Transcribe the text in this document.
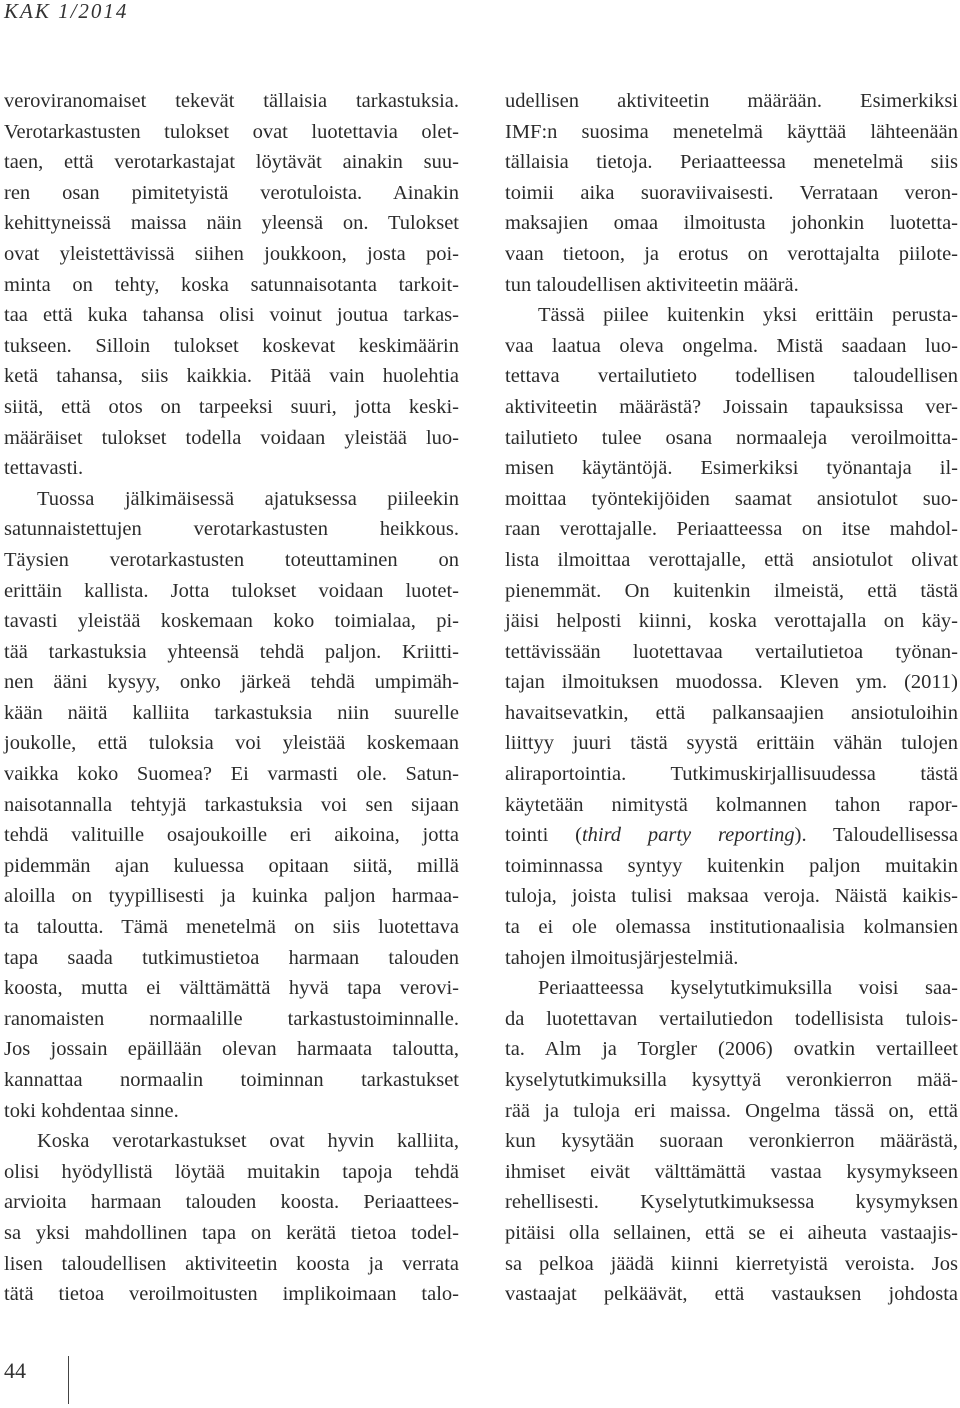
KAK 1/2014
veroviranomaiset tekevät tällaisia tarkastuksia.
Verotarkastusten tulokset ovat luotettavia olet-
taen, että verotarkastajat löytävät ainakin suu-
ren osan pimitetyistä verotuloista. Ainakin
kehittyneissä maissa näin yleensä on. Tulokset
ovat yleistettävissä siihen joukkoon, josta poi-
minta on tehty, koska satunnaisotanta tarkoit-
taa että kuka tahansa olisi voinut joutua tarkas-
tukseen. Silloin tulokset koskevat keskimäärin
ketä tahansa, siis kaikkia. Pitää vain huolehtia
siitä, että otos on tarpeeksi suuri, jotta keski-
määräiset tulokset todella voidaan yleistää luo-
tettavasti.
Tuossa jälkimäisessä ajatuksessa piileekin
satunnaistettujen verotarkastusten heikkous.
Täysien verotarkastusten toteuttaminen on
erittäin kallista. Jotta tulokset voidaan luotet-
tavasti yleistää koskemaan koko toimialaa, pi-
tää tarkastuksia yhteensä tehdä paljon. Kriitti-
nen ääni kysyy, onko järkeä tehdä umpimäh-
kään näitä kalliita tarkastuksia niin suurelle
joukolle, että tuloksia voi yleistää koskemaan
vaikka koko Suomea? Ei varmasti ole. Satun-
naisotannalla tehtyjä tarkastuksia voi sen sijaan
tehdä valituille osajoukoille eri aikoina, jotta
pidemmän ajan kuluessa opitaan siitä, millä
aloilla on tyypillisesti ja kuinka paljon harmaa-
ta taloutta. Tämä menetelmä on siis luotettava
tapa saada tutkimustietoa harmaan talouden
koosta, mutta ei välttämättä hyvä tapa verovi-
ranomaisten normaalille tarkastustoiminnalle.
Jos jossain epäillään olevan harmaata taloutta,
kannattaa normaalin toiminnan tarkastukset
toki kohdentaa sinne.
Koska verotarkastukset ovat hyvin kalliita,
olisi hyödyllistä löytää muitakin tapoja tehdä
arvioita harmaan talouden koosta. Periaattees-
sa yksi mahdollinen tapa on kerätä tietoa todel-
lisen taloudellisen aktiviteetin koosta ja verrata
tätä tietoa veroilmoitusten implikoimaan talo-
udellisen aktiviteetin määrään. Esimerkiksi
IMF:n suosima menetelmä käyttää lähteenään
tällaisia tietoja. Periaatteessa menetelmä siis
toimii aika suoraviivaisesti. Verrataan veron-
maksajien omaa ilmoitusta johonkin luotetta-
vaan tietoon, ja erotus on verottajalta piilote-
tun taloudellisen aktiviteetin määrä.
Tässä piilee kuitenkin yksi erittäin perusta-
vaa laatua oleva ongelma. Mistä saadaan luo-
tettava vertailutieto todellisen taloudellisen
aktiviteetin määrästä? Joissain tapauksissa ver-
tailutieto tulee osana normaaleja veroilmoitta-
misen käytäntöjä. Esimerkiksi työnantaja il-
moittaa työntekijöiden saamat ansiotulot suo-
raan verottajalle. Periaatteessa on itse mahdol-
lista ilmoittaa verottajalle, että ansiotulot olivat
pienemmät. On kuitenkin ilmeistä, että tästä
jäisi helposti kiinni, koska verottajalla on käy-
tettävissään luotettavaa vertailutietoa työnan-
tajan ilmoituksen muodossa. Kleven ym. (2011)
havaitsevatkin, että palkansaajien ansiotuloihin
liittyy juuri tästä syystä erittäin vähän tulojen
aliraportointia. Tutkimuskirjallisuudessa tästä
käytetään nimitystä kolmannen tahon rapor-
tointi (third party reporting). Taloudellisessa
toiminnassa syntyy kuitenkin paljon muitakin
tuloja, joista tulisi maksaa veroja. Näistä kaikis-
ta ei ole olemassa institutionaalisia kolmansien
tahojen ilmoitusjärjestelmiä.
Periaatteessa kyselytutkimuksilla voisi saa-
da luotettavan vertailutiedon todellisista tulois-
ta. Alm ja Torgler (2006) ovatkin vertailleet
kyselytutkimuksilla kysyttyä veronkierron mää-
rää ja tuloja eri maissa. Ongelma tässä on, että
kun kysytään suoraan veronkierron määrästä,
ihmiset eivät välttämättä vastaa kysymykseen
rehellisesti. Kyselytutkimuksessa kysymyksen
pitäisi olla sellainen, että se ei aiheuta vastaajis-
sa pelkoa jäädä kiinni kierretyistä veroista. Jos
vastaajat pelkäävät, että vastauksen johdosta
44
